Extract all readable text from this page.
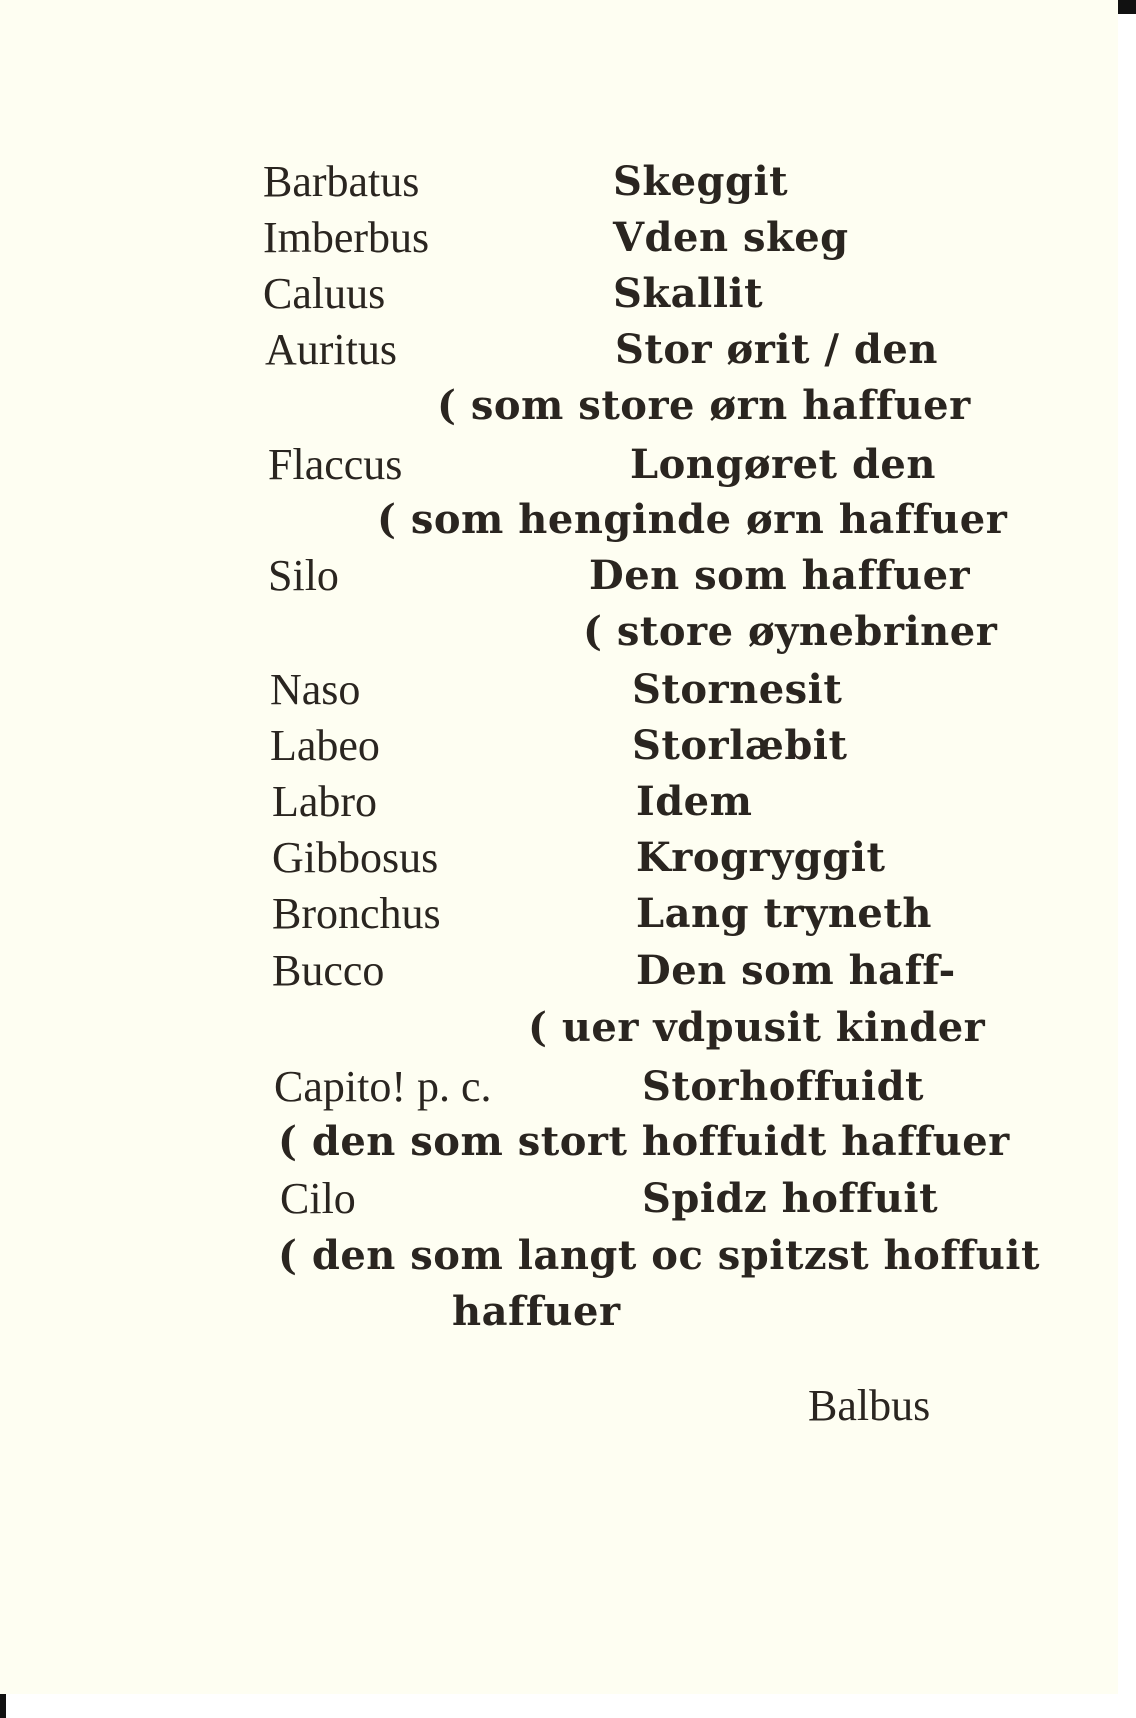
Barbatus	Skeggit
Imberbus	Vden skeg
Caluus	Skallit
Auritus	Stor ørit / den
( som store ørn haffuer
Flaccus	Longøret den
( som henginde ørn haffuer
Silo	Den som haffuer
( store øynebriner
Naso	Stornesit
Labeo	Storlæbit
Labro	Idem
Gibbosus	Krogryggit
Bronchus	Lang tryneth
Bucco	Den som haff-
( uer vdpusit kinder
Capito! p. c.	Storhoffuidt
( den som stort hoffuidt haffuer
Cilo	Spidz hoffuit
( den som langt oc spitzst hoffuit
haffuer
Balbus
